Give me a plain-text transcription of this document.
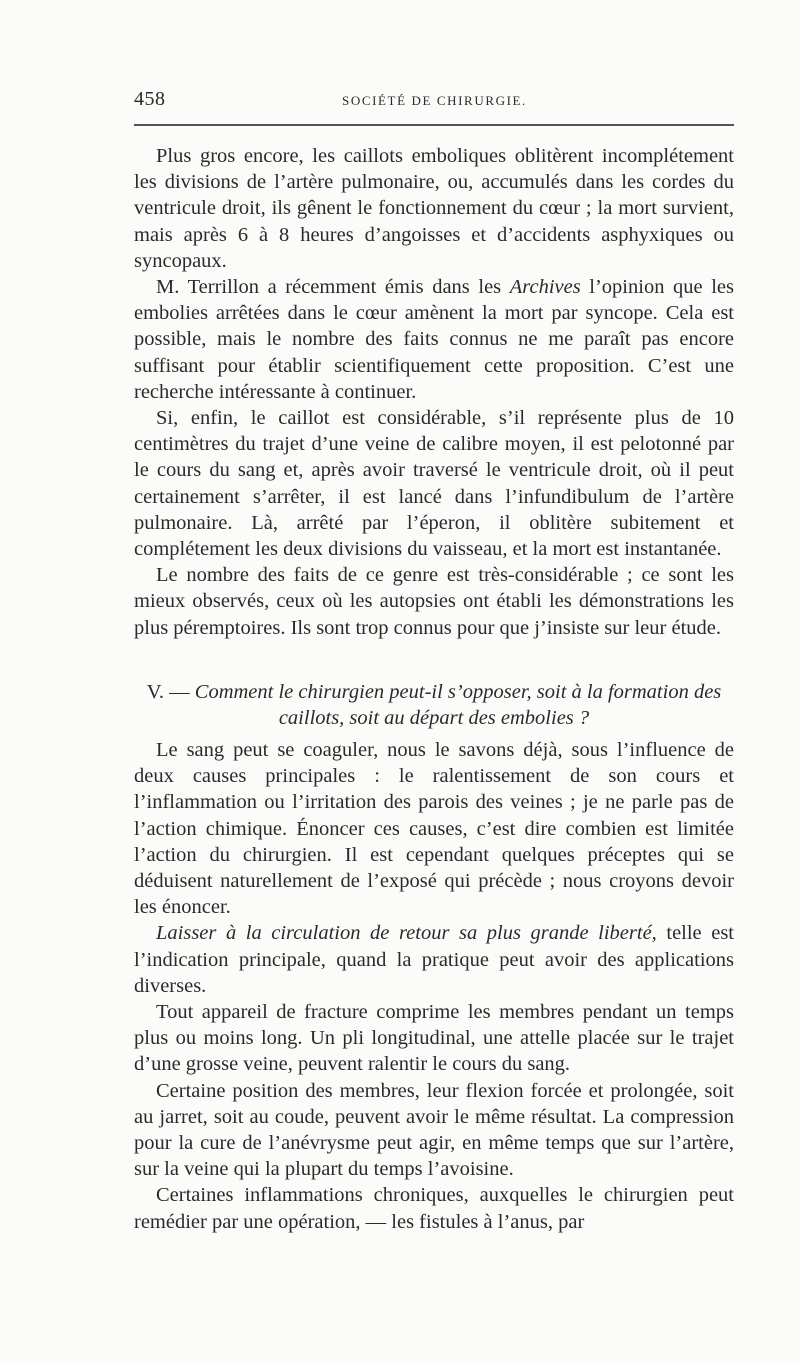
458	SOCIÉTÉ DE CHIRURGIE.

Plus gros encore, les caillots emboliques oblitèrent incomplétement les divisions de l’artère pulmonaire, ou, accumulés dans les cordes du ventricule droit, ils gênent le fonctionnement du cœur ; la mort survient, mais après 6 à 8 heures d’angoisses et d’accidents asphyxiques ou syncopaux.

M. Terrillon a récemment émis dans les Archives l’opinion que les embolies arrêtées dans le cœur amènent la mort par syncope. Cela est possible, mais le nombre des faits connus ne me paraît pas encore suffisant pour établir scientifiquement cette proposition. C’est une recherche intéressante à continuer.

Si, enfin, le caillot est considérable, s’il représente plus de 10 centimètres du trajet d’une veine de calibre moyen, il est pelotonné par le cours du sang et, après avoir traversé le ventricule droit, où il peut certainement s’arrêter, il est lancé dans l’infundibulum de l’artère pulmonaire. Là, arrêté par l’éperon, il oblitère subitement et complétement les deux divisions du vaisseau, et la mort est instantanée.

Le nombre des faits de ce genre est très-considérable ; ce sont les mieux observés, ceux où les autopsies ont établi les démonstrations les plus péremptoires. Ils sont trop connus pour que j’insiste sur leur étude.

V. — Comment le chirurgien peut-il s’opposer, soit à la formation des caillots, soit au départ des embolies ?

Le sang peut se coaguler, nous le savons déjà, sous l’influence de deux causes principales : le ralentissement de son cours et l’inflammation ou l’irritation des parois des veines ; je ne parle pas de l’action chimique. Énoncer ces causes, c’est dire combien est limitée l’action du chirurgien. Il est cependant quelques préceptes qui se déduisent naturellement de l’exposé qui précède ; nous croyons devoir les énoncer.

Laisser à la circulation de retour sa plus grande liberté, telle est l’indication principale, quand la pratique peut avoir des applications diverses.

Tout appareil de fracture comprime les membres pendant un temps plus ou moins long. Un pli longitudinal, une attelle placée sur le trajet d’une grosse veine, peuvent ralentir le cours du sang.

Certaine position des membres, leur flexion forcée et prolongée, soit au jarret, soit au coude, peuvent avoir le même résultat. La compression pour la cure de l’anévrysme peut agir, en même temps que sur l’artère, sur la veine qui la plupart du temps l’avoisine.

Certaines inflammations chroniques, auxquelles le chirurgien peut remédier par une opération, — les fistules à l’anus, par
